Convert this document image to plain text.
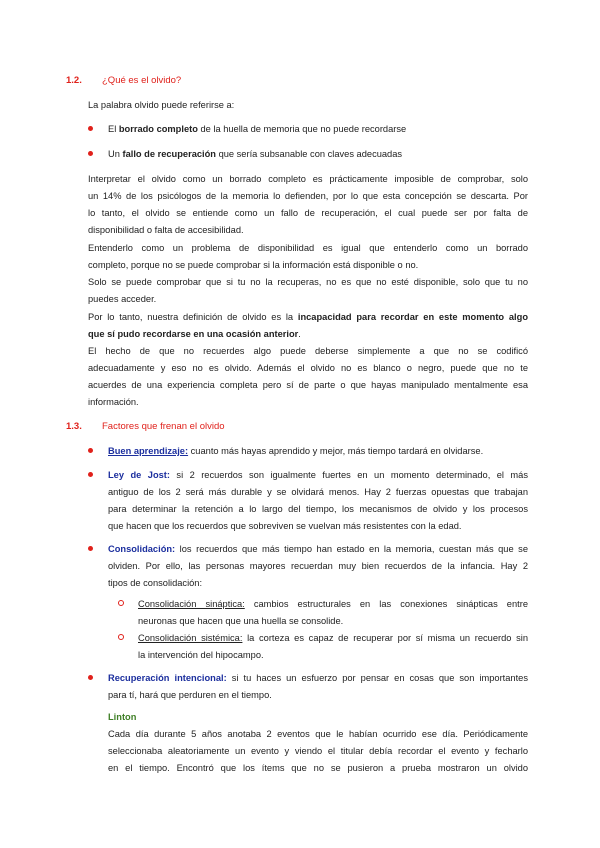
1.2. ¿Qué es el olvido?
La palabra olvido puede referirse a:
El borrado completo de la huella de memoria que no puede recordarse
Un fallo de recuperación que sería subsanable con claves adecuadas
Interpretar el olvido como un borrado completo es prácticamente imposible de comprobar, solo
un 14% de los psicólogos de la memoria lo defienden, por lo que esta concepción se descarta. Por
lo tanto, el olvido se entiende como un fallo de recuperación, el cual puede ser por falta de
disponibilidad o falta de accesibilidad.
Entenderlo como un problema de disponibilidad es igual que entenderlo como un borrado
completo, porque no se puede comprobar si la información está disponible o no.
Solo se puede comprobar que si tu no la recuperas, no es que no esté disponible, solo que tu no
puedes acceder.
Por lo tanto, nuestra definición de olvido es la incapacidad para recordar en este momento algo
que sí pudo recordarse en una ocasión anterior.
El hecho de que no recuerdes algo puede deberse simplemente a que no se codificó
adecuadamente y eso no es olvido. Además el olvido no es blanco o negro, puede que no te
acuerdes de una experiencia completa pero sí de parte o que hayas manipulado mentalmente esa
información.
1.3. Factores que frenan el olvido
Buen aprendizaje: cuanto más hayas aprendido y mejor, más tiempo tardará en olvidarse.
Ley de Jost: si 2 recuerdos son igualmente fuertes en un momento determinado, el más
antiguo de los 2 será más durable y se olvidará menos. Hay 2 fuerzas opuestas que trabajan
para determinar la retención a lo largo del tiempo, los mecanismos de olvido y los procesos
que hacen que los recuerdos que sobreviven se vuelvan más resistentes con la edad.
Consolidación: los recuerdos que más tiempo han estado en la memoria, cuestan más que se
olviden. Por ello, las personas mayores recuerdan muy bien recuerdos de la infancia. Hay 2
tipos de consolidación:
Consolidación sináptica: cambios estructurales en las conexiones sinápticas entre
neuronas que hacen que una huella se consolide.
Consolidación sistémica: la corteza es capaz de recuperar por sí misma un recuerdo sin
la intervención del hipocampo.
Recuperación intencional: si tu haces un esfuerzo por pensar en cosas que son importantes
para tí, hará que perduren en el tiempo.
Linton
Cada día durante 5 años anotaba 2 eventos que le habían ocurrido ese día. Periódicamente
seleccionaba aleatoriamente un evento y viendo el titular debía recordar el evento y fecharlo
en el tiempo. Encontró que los ítems que no se pusieron a prueba mostraron un olvido
